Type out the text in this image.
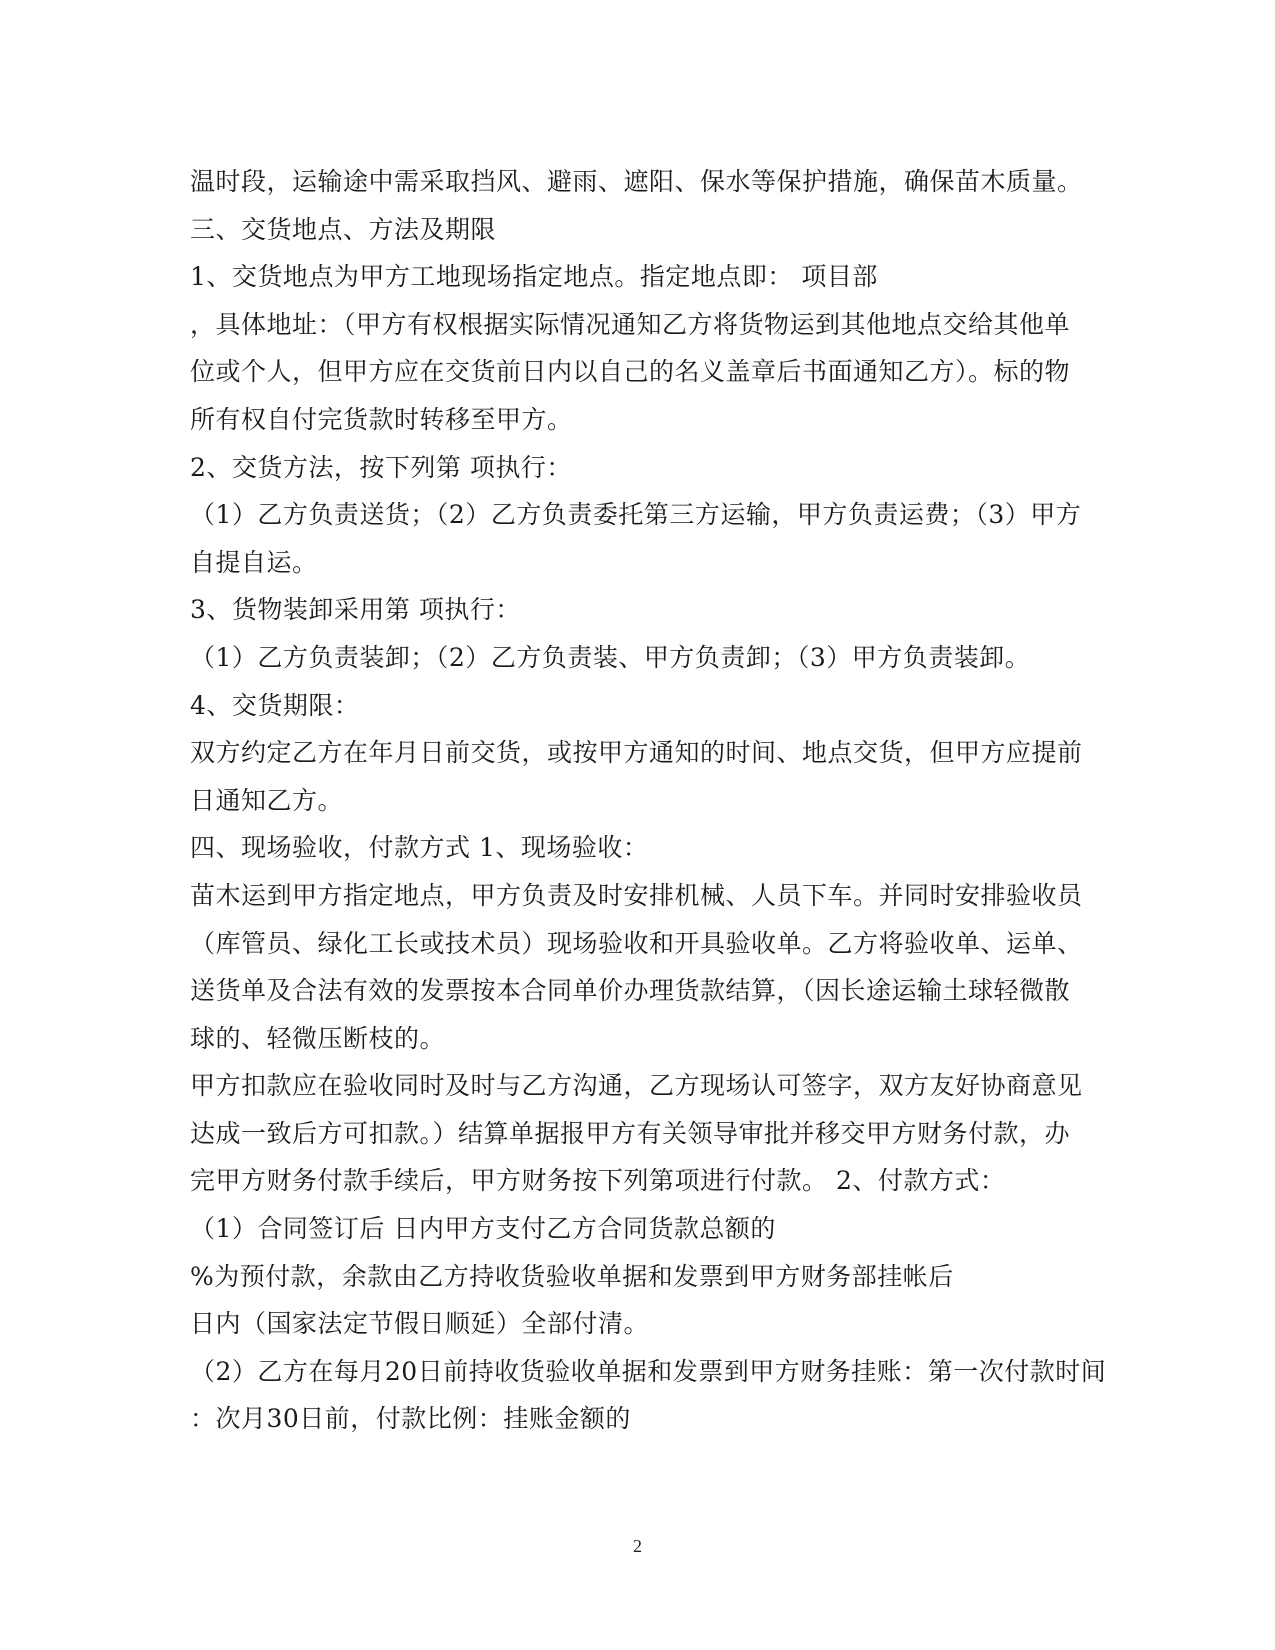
温时段，运输途中需采取挡风、避雨、遮阳、保水等保护措施，确保苗木质量。
三、交货地点、方法及期限
1、交货地点为甲方工地现场指定地点。指定地点即： 项目部
，具体地址：（甲方有权根据实际情况通知乙方将货物运到其他地点交给其他单
位或个人，但甲方应在交货前日内以自己的名义盖章后书面通知乙方）。标的物
所有权自付完货款时转移至甲方。
2、交货方法，按下列第 项执行：
（1）乙方负责送货；（2）乙方负责委托第三方运输，甲方负责运费；（3）甲方
自提自运。
3、货物装卸采用第 项执行：
（1）乙方负责装卸；（2）乙方负责装、甲方负责卸；（3）甲方负责装卸。
4、交货期限：
双方约定乙方在年月日前交货，或按甲方通知的时间、地点交货，但甲方应提前
日通知乙方。
四、现场验收，付款方式 1、现场验收：
苗木运到甲方指定地点，甲方负责及时安排机械、人员下车。并同时安排验收员
（库管员、绿化工长或技术员）现场验收和开具验收单。乙方将验收单、运单、
送货单及合法有效的发票按本合同单价办理货款结算，（因长途运输土球轻微散
球的、轻微压断枝的。
甲方扣款应在验收同时及时与乙方沟通，乙方现场认可签字，双方友好协商意见
达成一致后方可扣款。）结算单据报甲方有关领导审批并移交甲方财务付款，办
完甲方财务付款手续后，甲方财务按下列第项进行付款。 2、付款方式：
（1）合同签订后 日内甲方支付乙方合同货款总额的
%为预付款，余款由乙方持收货验收单据和发票到甲方财务部挂帐后
日内（国家法定节假日顺延）全部付清。
（2）乙方在每月20日前持收货验收单据和发票到甲方财务挂账：第一次付款时间
：次月30日前，付款比例：挂账金额的
2
